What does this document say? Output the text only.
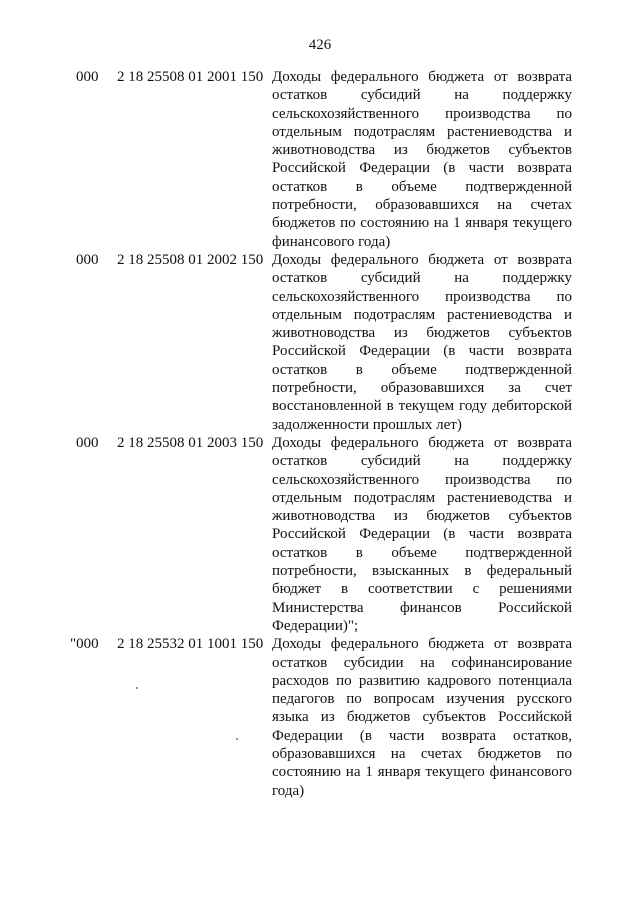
426
000 2 18 25508 01 2001 150 Доходы федерального бюджета от возврата остатков субсидий на поддержку сельскохозяйственного производства по отдельным подотраслям растениеводства и животноводства из бюджетов субъектов Российской Федерации (в части возврата остатков в объеме подтвержденной потребности, образовавшихся на счетах бюджетов по состоянию на 1 января текущего финансового года)
000 2 18 25508 01 2002 150 Доходы федерального бюджета от возврата остатков субсидий на поддержку сельскохозяйственного производства по отдельным подотраслям растениеводства и животноводства из бюджетов субъектов Российской Федерации (в части возврата остатков в объеме подтвержденной потребности, образовавшихся за счет восстановленной в текущем году дебиторской задолженности прошлых лет)
000 2 18 25508 01 2003 150 Доходы федерального бюджета от возврата остатков субсидий на поддержку сельскохозяйственного производства по отдельным подотраслям растениеводства и животноводства из бюджетов субъектов Российской Федерации (в части возврата остатков в объеме подтвержденной потребности, взысканных в федеральный бюджет в соответствии с решениями Министерства финансов Российской Федерации)";
"000 2 18 25532 01 1001 150 Доходы федерального бюджета от возврата остатков субсидии на софинансирование расходов по развитию кадрового потенциала педагогов по вопросам изучения русского языка из бюджетов субъектов Российской Федерации (в части возврата остатков, образовавшихся на счетах бюджетов по состоянию на 1 января текущего финансового года)
